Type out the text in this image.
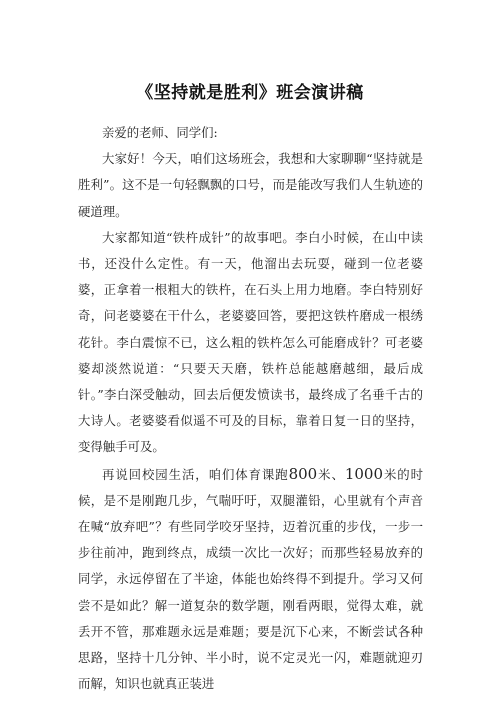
《坚持就是胜利》班会演讲稿

亲爱的老师、同学们:

大家好！今天，咱们这场班会，我想和大家聊聊“坚持就是胜利”。这不是一句轻飘飘的口号，而是能改写我们人生轨迹的硬道理。

大家都知道“铁杵成针”的故事吧。李白小时候，在山中读书，还没什么定性。有一天，他溜出去玩耍，碰到一位老婆婆，正拿着一根粗大的铁杵，在石头上用力地磨。李白特别好奇，问老婆婆在干什么，老婆婆回答，要把这铁杵磨成一根绣花针。李白震惊不已，这么粗的铁杵怎么可能磨成针？可老婆婆却淡然说道：“只要天天磨，铁杵总能越磨越细，最后成针。”李白深受触动，回去后便发愤读书，最终成了名垂千古的大诗人。老婆婆看似遥不可及的目标，靠着日复一日的坚持，变得触手可及。

再说回校园生活，咱们体育课跑800米、1000米的时候，是不是刚跑几步，气喘吁吁，双腿灌铅，心里就有个声音在喊“放弃吧”？有些同学咬牙坚持，迈着沉重的步伐，一步一步往前冲，跑到终点，成绩一次比一次好；而那些轻易放弃的同学，永远停留在了半途，体能也始终得不到提升。学习又何尝不是如此？解一道复杂的数学题，刚看两眼，觉得太难，就丢开不管，那难题永远是难题；要是沉下心来，不断尝试各种思路，坚持十几分钟、半小时，说不定灵光一闪，难题就迎刃而解，知识也就真正装进
